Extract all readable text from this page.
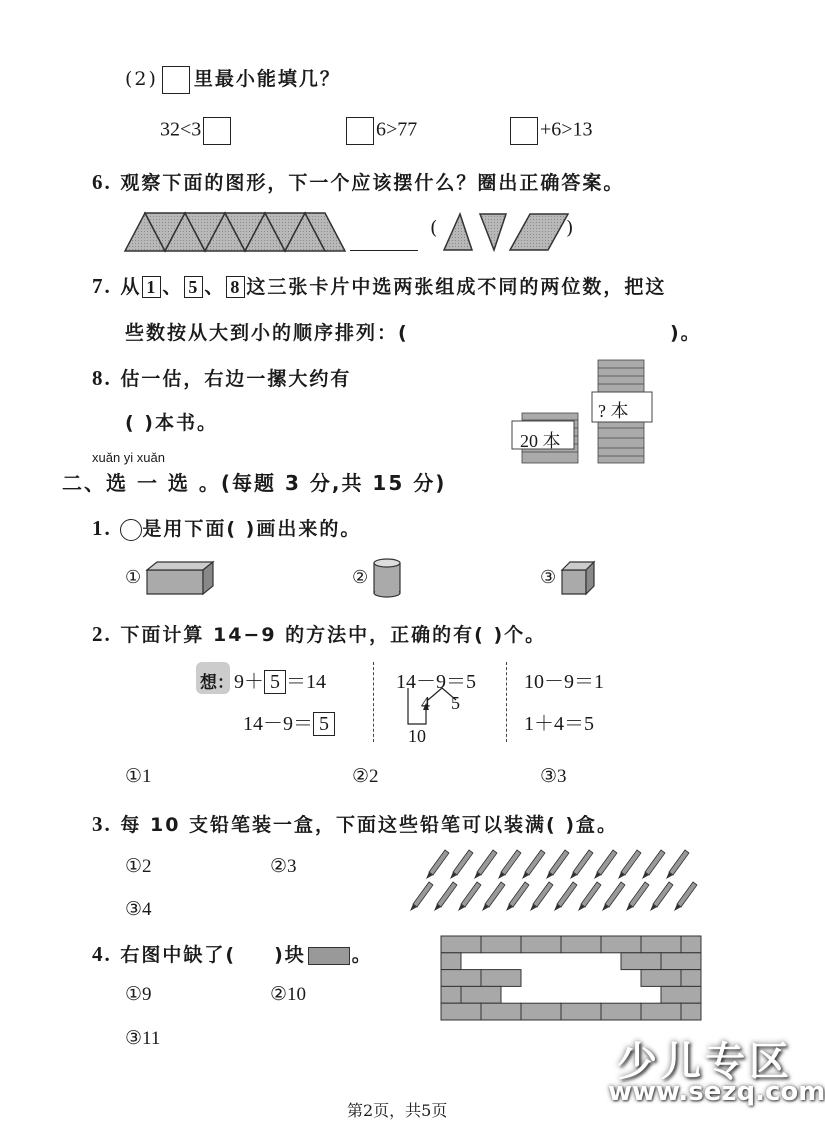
(2) 里最小能填几？
32<3	6>77	+6>13
6. 观察下面的图形，下一个应该摆什么？圈出正确答案。
(	)
7. 从 1 、 5 、 8 这三张卡片中选两张组成不同的两位数，把这
些数按从大到小的顺序排列：(	)。
8. 估一估，右边一摞大约有
( )本书。
20 本
? 本
xuǎn yi xuǎn
二、选 一 选 。(每题 3 分,共 15 分)
1. 是用下面( )画出来的。
①	②	③
2. 下面计算 14−9 的方法中，正确的有( )个。
想：9＋ 5 ＝14
14－9＝ 5
14－9＝5
4 5
10
10－9＝1
1＋4＝5
①1	②2	③3
3. 每 10 支铅笔装一盒，下面这些铅笔可以装满( )盒。
①2	②3
③4
4. 右图中缺了( )块 。
①9	②10
③11
第2页，共5页
少儿专区
www.sezq.com
